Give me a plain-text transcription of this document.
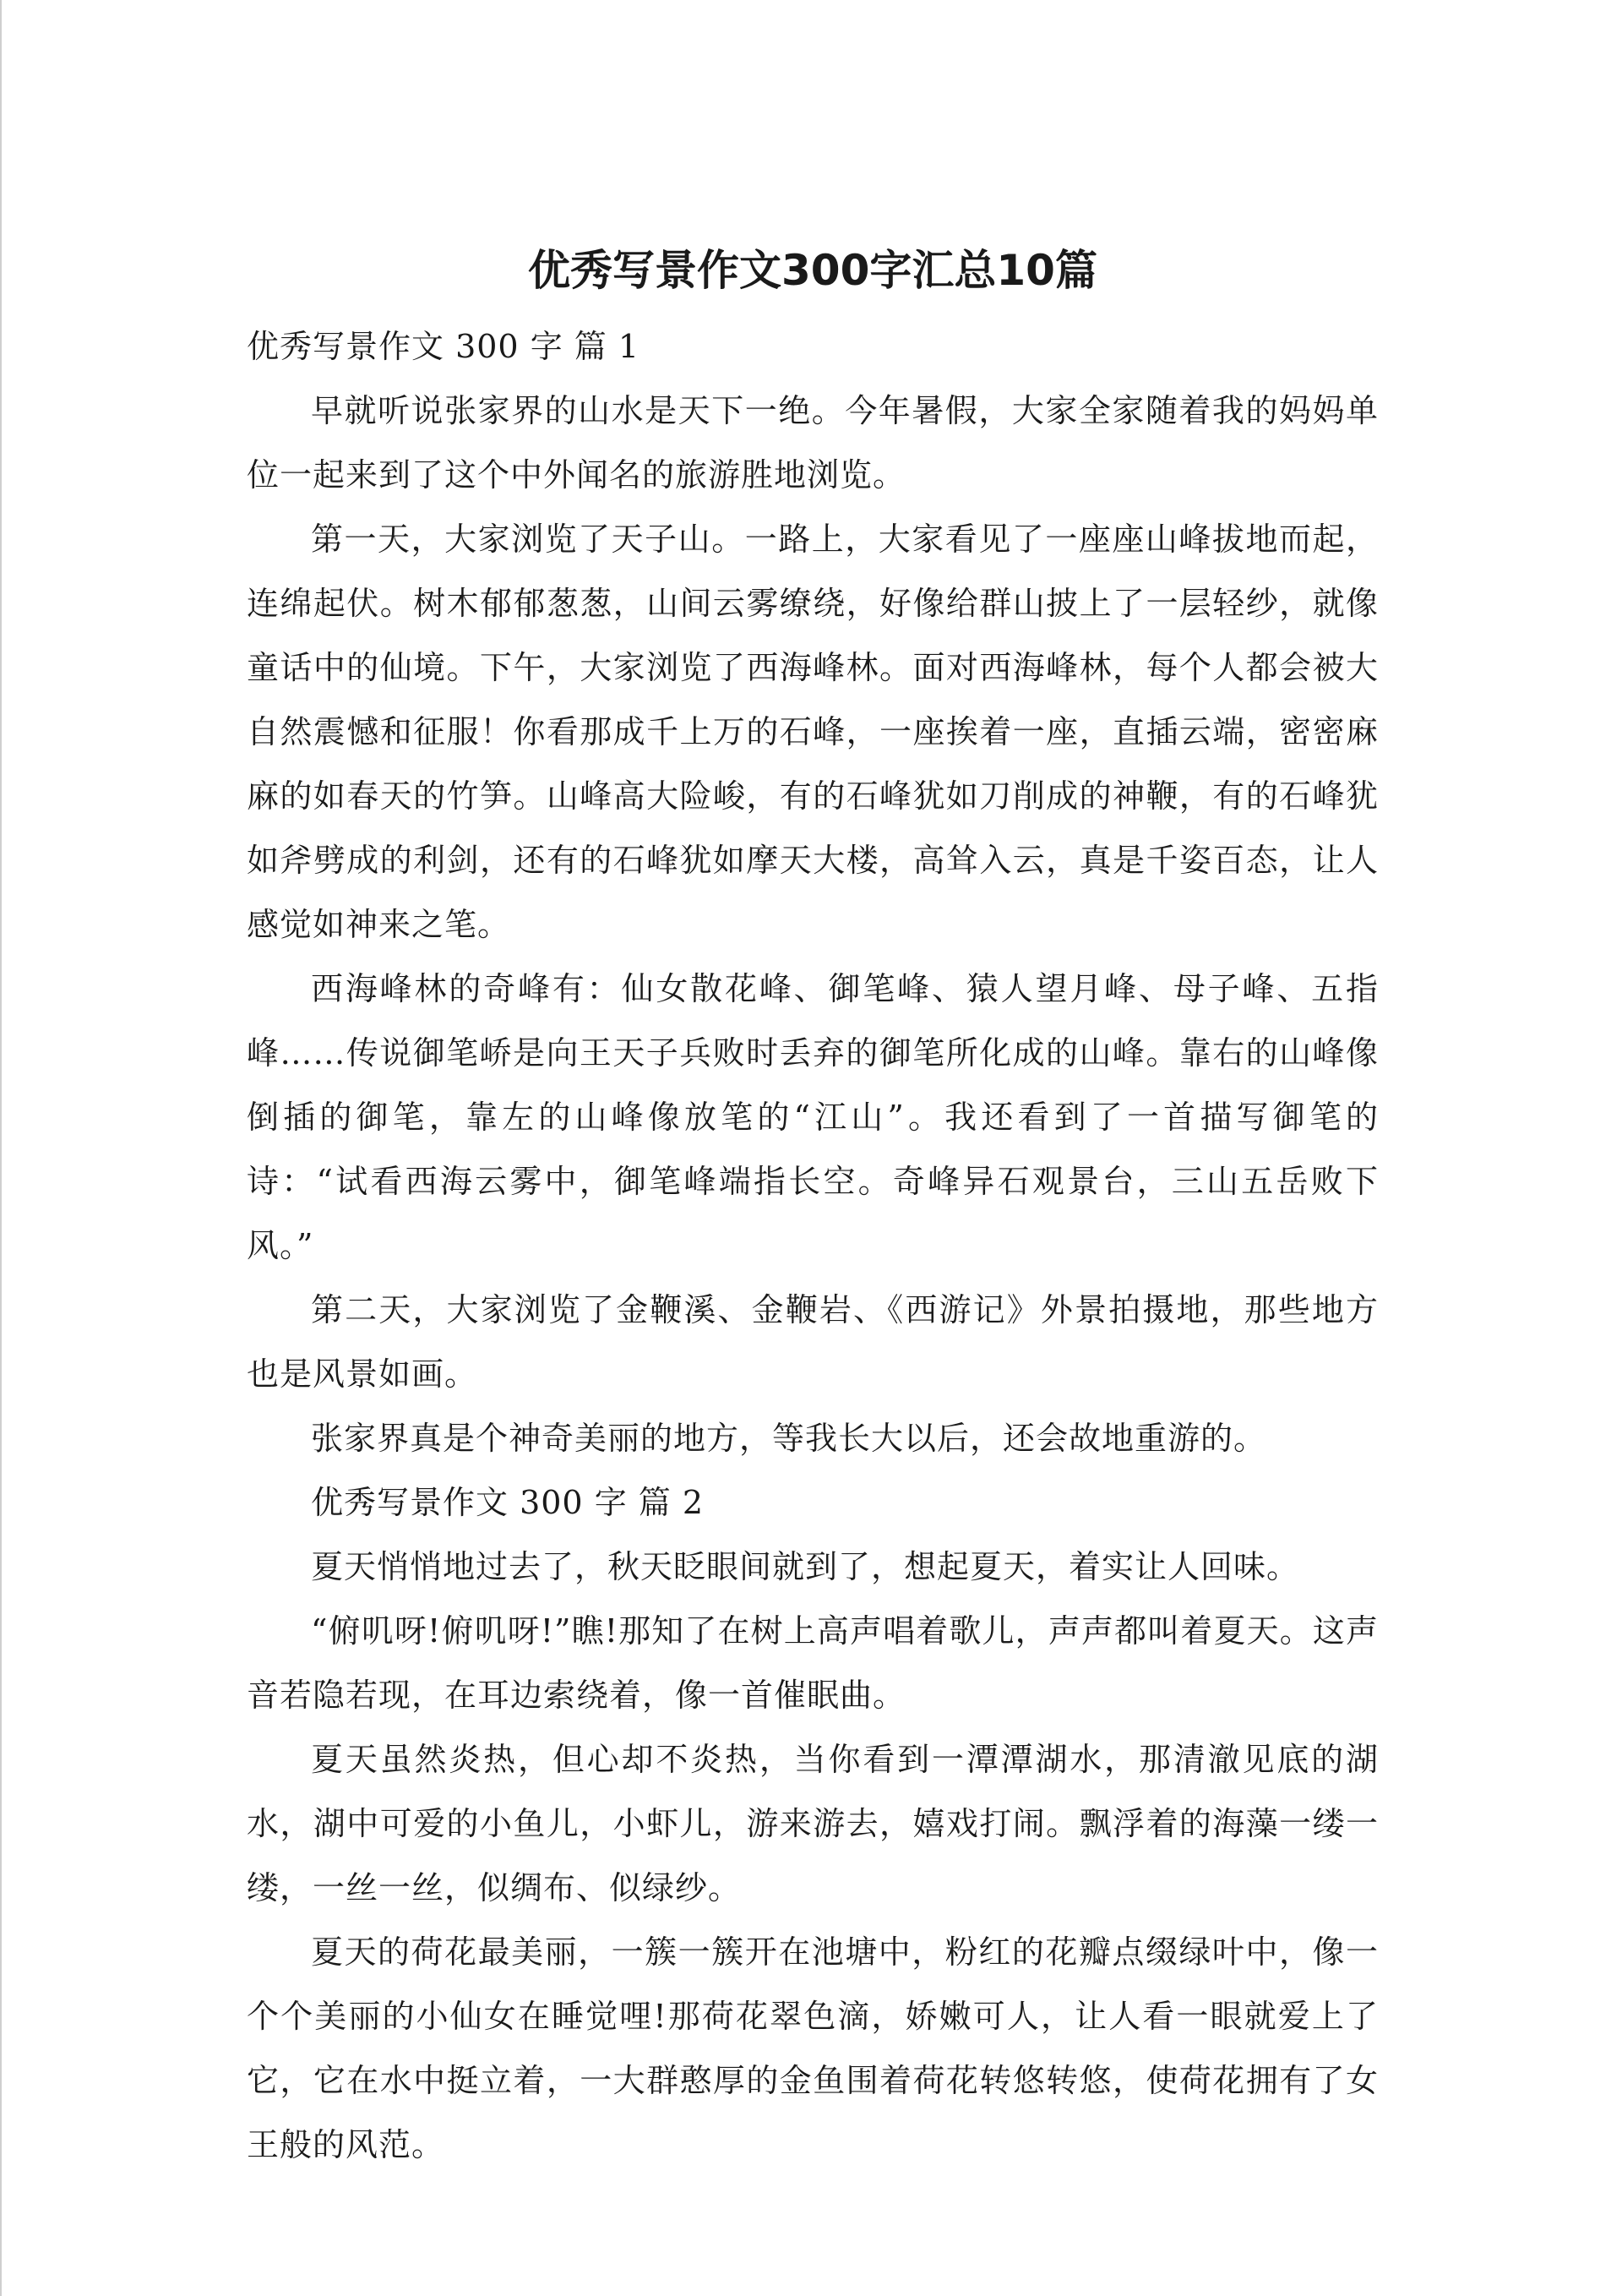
优秀写景作文300字汇总10篇

优秀写景作文 300 字 篇 1

早就听说张家界的山水是天下一绝。今年暑假，大家全家随着我的妈妈单位一起来到了这个中外闻名的旅游胜地浏览。

第一天，大家浏览了天子山。一路上，大家看见了一座座山峰拔地而起，连绵起伏。树木郁郁葱葱，山间云雾缭绕，好像给群山披上了一层轻纱，就像童话中的仙境。下午，大家浏览了西海峰林。面对西海峰林，每个人都会被大自然震憾和征服！你看那成千上万的石峰，一座挨着一座，直插云端，密密麻麻的如春天的竹笋。山峰高大险峻，有的石峰犹如刀削成的神鞭，有的石峰犹如斧劈成的利剑，还有的石峰犹如摩天大楼，高耸入云，真是千姿百态，让人感觉如神来之笔。

西海峰林的奇峰有：仙女散花峰、御笔峰、猿人望月峰、母子峰、五指峰……传说御笔峤是向王天子兵败时丢弃的御笔所化成的山峰。靠右的山峰像倒插的御笔，靠左的山峰像放笔的“江山”。我还看到了一首描写御笔的诗：“试看西海云雾中，御笔峰端指长空。奇峰异石观景台，三山五岳败下风。”

第二天，大家浏览了金鞭溪、金鞭岩、《西游记》外景拍摄地，那些地方也是风景如画。

张家界真是个神奇美丽的地方，等我长大以后，还会故地重游的。

优秀写景作文 300 字 篇 2

夏天悄悄地过去了，秋天眨眼间就到了，想起夏天，着实让人回味。

“俯叽呀!俯叽呀!”瞧!那知了在树上高声唱着歌儿，声声都叫着夏天。这声音若隐若现，在耳边索绕着，像一首催眠曲。

夏天虽然炎热，但心却不炎热，当你看到一潭潭湖水，那清澈见底的湖水，湖中可爱的小鱼儿，小虾儿，游来游去，嬉戏打闹。飘浮着的海藻一缕一缕，一丝一丝，似绸布、似绿纱。

夏天的荷花最美丽，一簇一簇开在池塘中，粉红的花瓣点缀绿叶中，像一个个美丽的小仙女在睡觉哩!那荷花翠色滴，娇嫩可人，让人看一眼就爱上了它，它在水中挺立着，一大群憨厚的金鱼围着荷花转悠转悠，使荷花拥有了女王般的风范。
